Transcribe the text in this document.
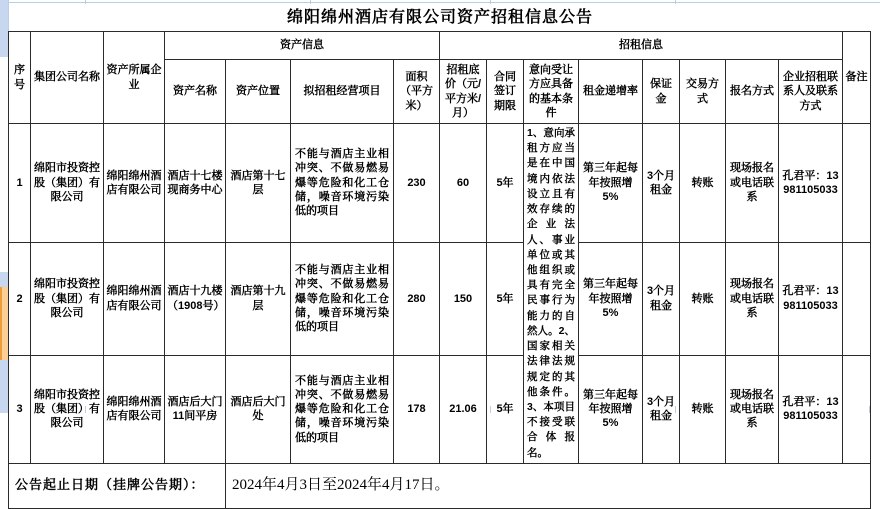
绵阳绵州酒店有限公司资产招租信息公告
序号	集团公司名称	资产所属企业	资产信息				招租信息								备注
			资产名称	资产位置	拟招租经营项目	面积（平方米）	招租底价（元/平方米/月）	合同签订期限	意向受让方应具备的基本条件	租金递增率	保证金	交易方式	报名方式	企业招租联系人及联系方式	
1	绵阳市投资控股（集团）有限公司	绵阳绵州酒店有限公司	酒店十七楼现商务中心	酒店第十七层	不能与酒店主业相冲突、不做易燃易爆等危险和化工仓储，噪音环境污染低的项目	230	60	5年	1、意向承租方应当是在中国境内依法设立且有效存续的企业法人、事业单位或其他组织或具有完全民事行为能力的自然人。2、国家相关法律法规规定的其他条件。3、本项目不接受联合体报名。	第三年起每年按照增5%	3个月租金	转账	现场报名或电话联系	孔君平：13981105033	
2	绵阳市投资控股（集团）有限公司	绵阳绵州酒店有限公司	酒店十九楼（1908号）	酒店第十九层	不能与酒店主业相冲突、不做易燃易爆等危险和化工仓储，噪音环境污染低的项目	280	150	5年		第三年起每年按照增5%	3个月租金	转账	现场报名或电话联系	孔君平：13981105033	
3	绵阳市投资控股（集团）有限公司	绵阳绵州酒店有限公司	酒店后大门11间平房	酒店后大门处	不能与酒店主业相冲突、不做易燃易爆等危险和化工仓储，噪音环境污染低的项目	178	21.06	5年		第三年起每年按照增5%	3个月租金	转账	现场报名或电话联系	孔君平：13981105033	
公告起止日期（挂牌公告期）：				2024年4月3日至2024年4月17日。											
